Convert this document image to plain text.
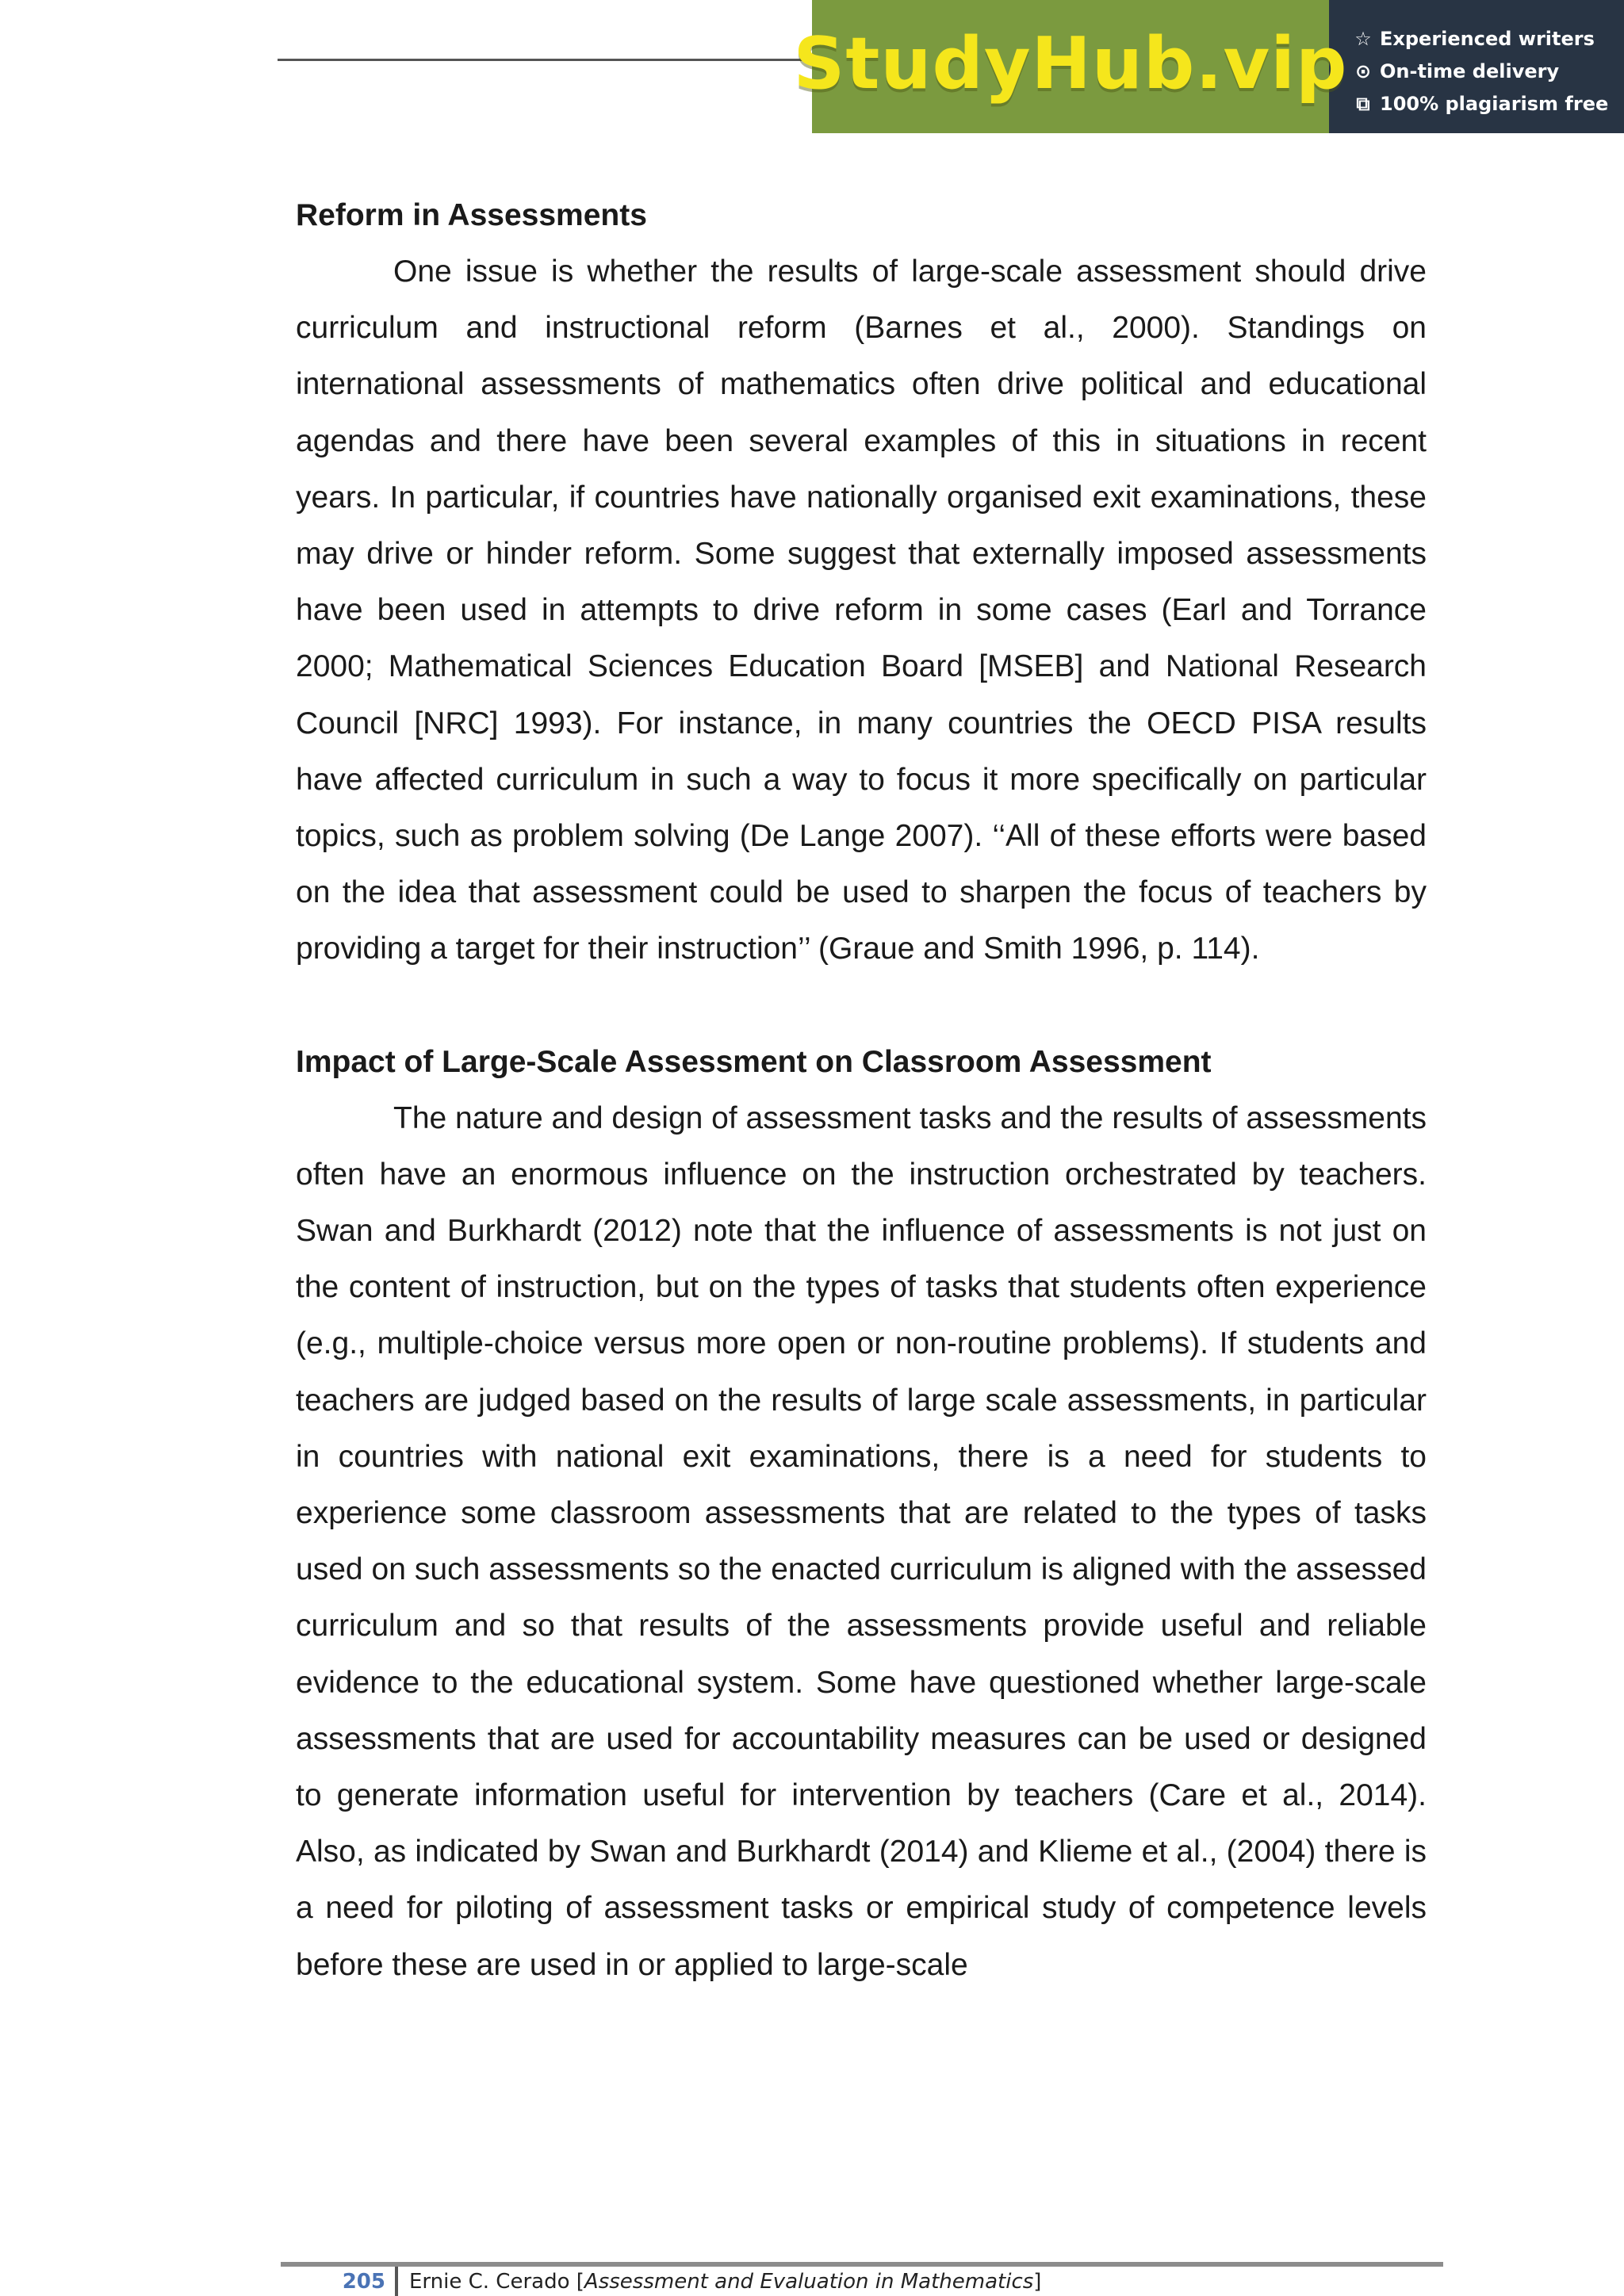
StudyHub.vip ☆ Experienced writers
⊙ On-time delivery
⧉ 100% plagiarism free
Reform in Assessments

One issue is whether the results of large-scale assessment should drive curriculum and instructional reform (Barnes et al., 2000). Standings on international assessments of mathematics often drive political and educational agendas and there have been several examples of this in situations in recent years. In particular, if countries have nationally organised exit examinations, these may drive or hinder reform. Some suggest that externally imposed assessments have been used in attempts to drive reform in some cases (Earl and Torrance 2000; Mathematical Sciences Education Board [MSEB] and National Research Council [NRC] 1993). For instance, in many countries the OECD PISA results have affected curriculum in such a way to focus it more specifically on particular topics, such as problem solving (De Lange 2007). ‘‘All of these efforts were based on the idea that assessment could be used to sharpen the focus of teachers by providing a target for their instruction’’ (Graue and Smith 1996, p. 114).

Impact of Large-Scale Assessment on Classroom Assessment

The nature and design of assessment tasks and the results of assessments often have an enormous influence on the instruction orchestrated by teachers. Swan and Burkhardt (2012) note that the influence of assessments is not just on the content of instruction, but on the types of tasks that students often experience (e.g., multiple-choice versus more open or non-routine problems). If students and teachers are judged based on the results of large scale assessments, in particular in countries with national exit examinations, there is a need for students to experience some classroom assessments that are related to the types of tasks used on such assessments so the enacted curriculum is aligned with the assessed curriculum and so that results of the assessments provide useful and reliable evidence to the educational system. Some have questioned whether large-scale assessments that are used for accountability measures can be used or designed to generate information useful for intervention by teachers (Care et al., 2014). Also, as indicated by Swan and Burkhardt (2014) and Klieme et al., (2004) there is a need for piloting of assessment tasks or empirical study of competence levels before these are used in or applied to large-scale

205	Ernie C. Cerado [ Assessment and Evaluation in Mathematics ]
